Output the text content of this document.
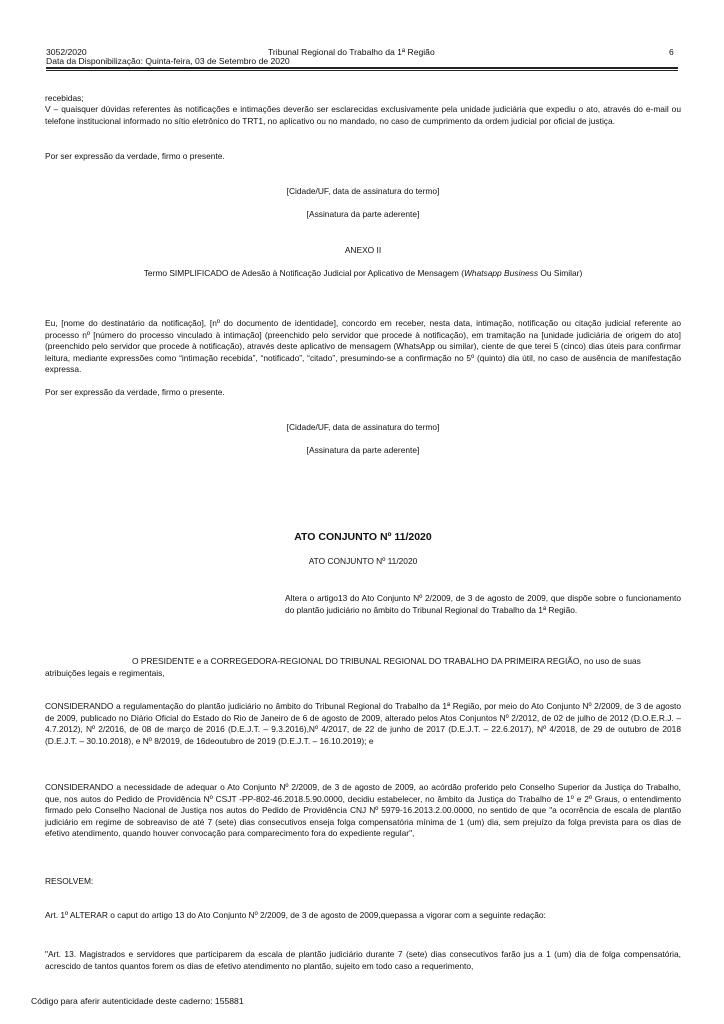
3052/2020	Tribunal Regional do Trabalho da 1ª Região	6
Data da Disponibilização: Quinta-feira, 03 de Setembro de 2020

recebidas;

V – quaisquer dúvidas referentes às notificações e intimações deverão ser esclarecidas exclusivamente pela unidade judiciária que expediu o ato, através do e-mail ou telefone institucional informado no sítio eletrônico do TRT1, no aplicativo ou no mandado, no caso de cumprimento da ordem judicial por oficial de justiça.

Por ser expressão da verdade, firmo o presente.

[Cidade/UF, data de assinatura do termo]
[Assinatura da parte aderente]
ANEXO II
Termo SIMPLIFICADO de Adesão à Notificação Judicial por Aplicativo de Mensagem (Whatsapp Business Ou Similar)

Eu, [nome do destinatário da notificação], [nº do documento de identidade], concordo em receber, nesta data, intimação, notificação ou citação judicial referente ao processo nº [número do processo vinculado à intimação] (preenchido pelo servidor que procede à notificação), em tramitação na [unidade judiciária de origem do ato] (preenchido pelo servidor que procede à notificação), através deste aplicativo de mensagem (WhatsApp ou similar), ciente de que terei 5 (cinco) dias úteis para confirmar leitura, mediante expressões como “intimação recebida”, “notificado”, “citado”, presumindo-se a confirmação no 5º (quinto) dia útil, no caso de ausência de manifestação expressa.

Por ser expressão da verdade, firmo o presente.

[Cidade/UF, data de assinatura do termo]
[Assinatura da parte aderente]
ATO CONJUNTO Nº 11/2020
ATO CONJUNTO Nº 11/2020

Altera o artigo13 do Ato Conjunto Nº 2/2009, de 3 de agosto de 2009, que dispõe sobre o funcionamento do plantão judiciário no âmbito do Tribunal Regional do Trabalho da 1ª Região.

O PRESIDENTE e a CORREGEDORA-REGIONAL DO TRIBUNAL REGIONAL DO TRABALHO DA PRIMEIRA REGIÃO, no uso de suas atribuições legais e regimentais,

CONSIDERANDO a regulamentação do plantão judiciário no âmbito do Tribunal Regional do Trabalho da 1ª Região, por meio do Ato Conjunto Nº 2/2009, de 3 de agosto de 2009, publicado no Diário Oficial do Estado do Rio de Janeiro de 6 de agosto de 2009, alterado pelos Atos Conjuntos Nº 2/2012, de 02 de julho de 2012 (D.O.E.R.J. – 4.7.2012), Nº 2/2016, de 08 de março de 2016 (D.E.J.T. – 9.3.2016),Nº 4/2017, de 22 de junho de 2017 (D.E.J.T. – 22.6.2017), Nº 4/2018, de 29 de outubro de 2018 (D.E.J.T. – 30.10.2018), e Nº 8/2019, de 16deoutubro de 2019 (D.E.J.T. – 16.10.2019); e

CONSIDERANDO a necessidade de adequar o Ato Conjunto Nº 2/2009, de 3 de agosto de 2009, ao acórdão proferido pelo Conselho Superior da Justiça do Trabalho, que, nos autos do Pedido de Providência Nº CSJT -PP-802-46.2018.5.90.0000, decidiu estabelecer, no âmbito da Justiça do Trabalho de 1º e 2º Graus, o entendimento firmado pelo Conselho Nacional de Justiça nos autos do Pedido de Providência CNJ Nº 5979-16.2013.2.00.0000, no sentido de que "a ocorrência de escala de plantão judiciário em regime de sobreaviso de até 7 (sete) dias consecutivos enseja folga compensatória mínima de 1 (um) dia, sem prejuízo da folga prevista para os dias de efetivo atendimento, quando houver convocação para comparecimento fora do expediente regular",

RESOLVEM:

Art. 1º ALTERAR o caput do artigo 13 do Ato Conjunto Nº 2/2009, de 3 de agosto de 2009,quepassa a vigorar com a seguinte redação:

"Art. 13. Magistrados e servidores que participarem da escala de plantão judiciário durante 7 (sete) dias consecutivos farão jus a 1 (um) dia de folga compensatória, acrescido de tantos quantos forem os dias de efetivo atendimento no plantão, sujeito em todo caso a requerimento,

Código para aferir autenticidade deste caderno: 155881
